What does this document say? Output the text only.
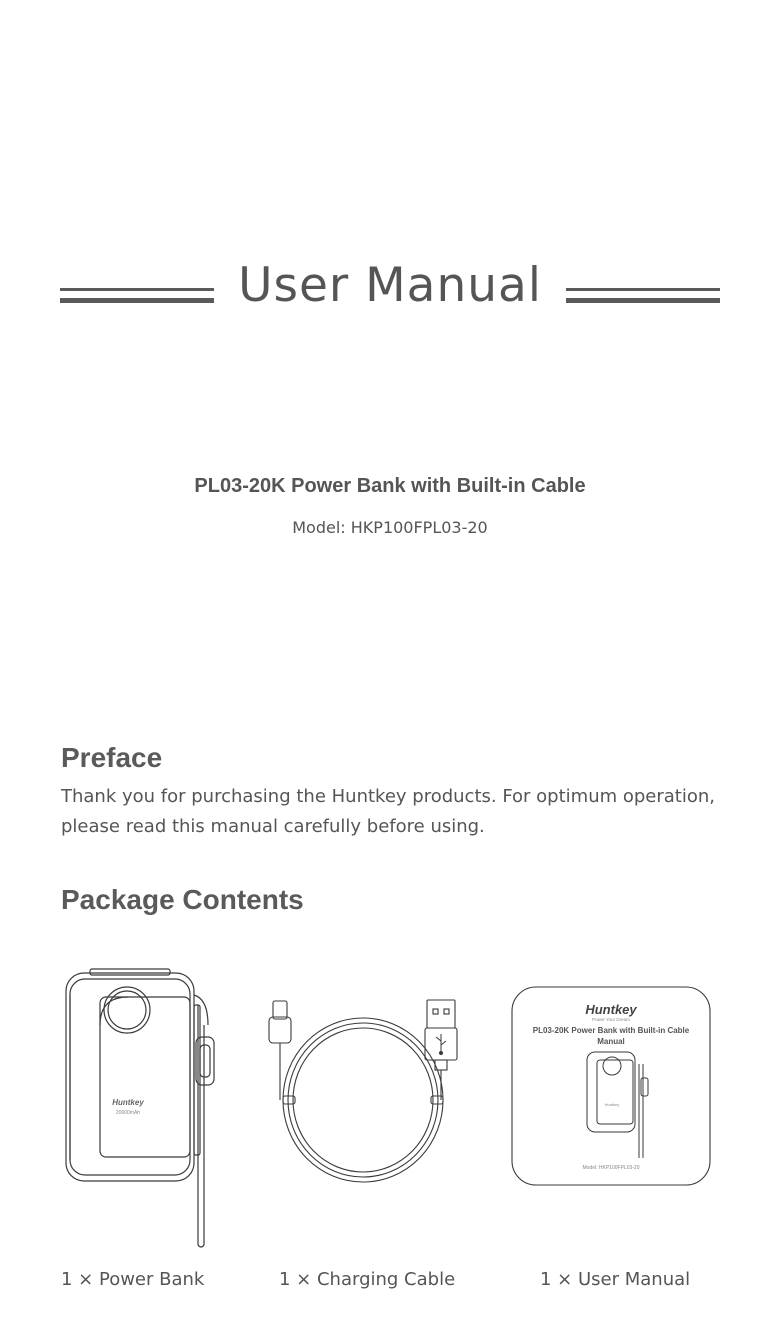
User Manual
PL03-20K Power Bank with Built-in Cable
Model: HKP100FPL03-20
Preface
Thank you for purchasing the Huntkey products. For optimum operation, please read this manual carefully before using.
Package Contents
Huntkey
20000mAh
Huntkey
Power Your Dream
PL03-20K Power Bank with Built-in Cable
Manual
Huntkey
Model: HKP100FPL03-20
1 × Power Bank	1 × Charging Cable	1 × User Manual
